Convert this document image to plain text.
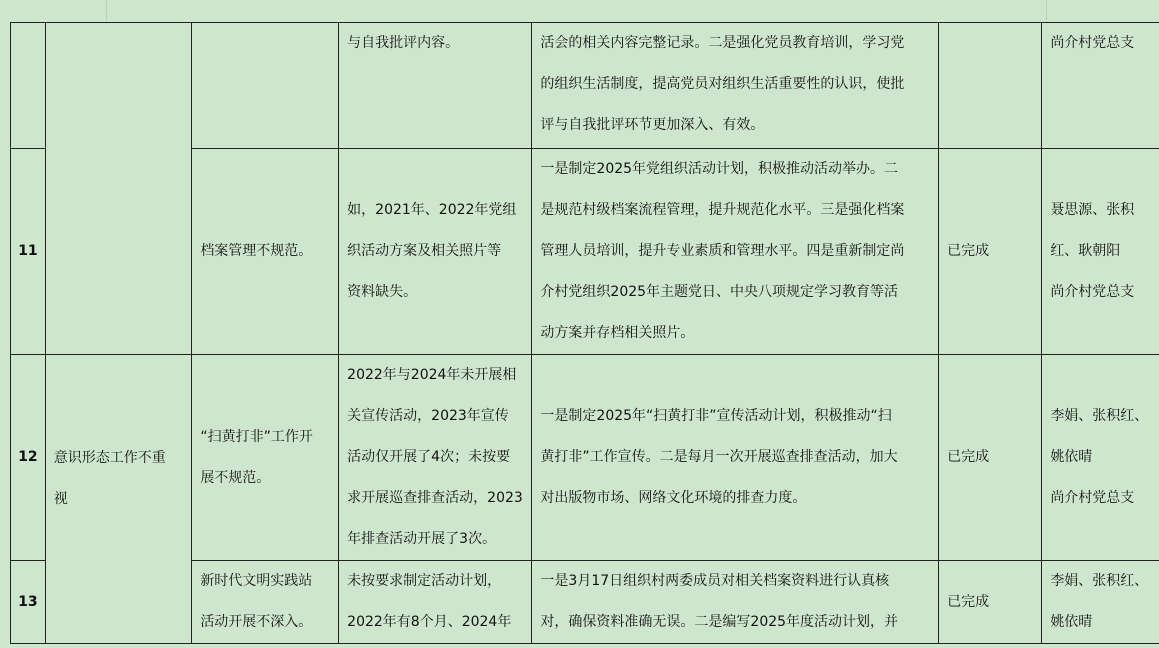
			与自我批评内容。	活会的相关内容完整记录。二是强化党员教育培训，学习党
的组织生活制度，提高党员对组织生活重要性的认识，使批
评与自我批评环节更加深入、有效。		尚介村党总支

11		档案管理不规范。	如，2021年、2022年党组
织活动方案及相关照片等
资料缺失。	一是制定2025年党组织活动计划，积极推动活动举办。二
是规范村级档案流程管理，提升规范化水平。三是强化档案
管理人员培训，提升专业素质和管理水平。四是重新制定尚
介村党组织2025年主题党日、中央八项规定学习教育等活
动方案并存档相关照片。	已完成	聂思源、张积
红、耿朝阳
尚介村党总支

12	意识形态工作不重
视	“扫黄打非”工作开
展不规范。	2022年与2024年未开展相
关宣传活动，2023年宣传
活动仅开展了4次；未按要
求开展巡查排查活动，2023
年排查活动开展了3次。	一是制定2025年“扫黄打非”宣传活动计划，积极推动“扫
黄打非”工作宣传。二是每月一次开展巡查排查活动，加大
对出版物市场、网络文化环境的排查力度。	已完成	李娟、张积红、
姚依晴
尚介村党总支

13		新时代文明实践站
活动开展不深入。	未按要求制定活动计划，
2022年有8个月、2024年	一是3月17日组织村两委成员对相关档案资料进行认真核
对，确保资料准确无误。二是编写2025年度活动计划，并	已完成	李娟、张积红、
姚依晴
